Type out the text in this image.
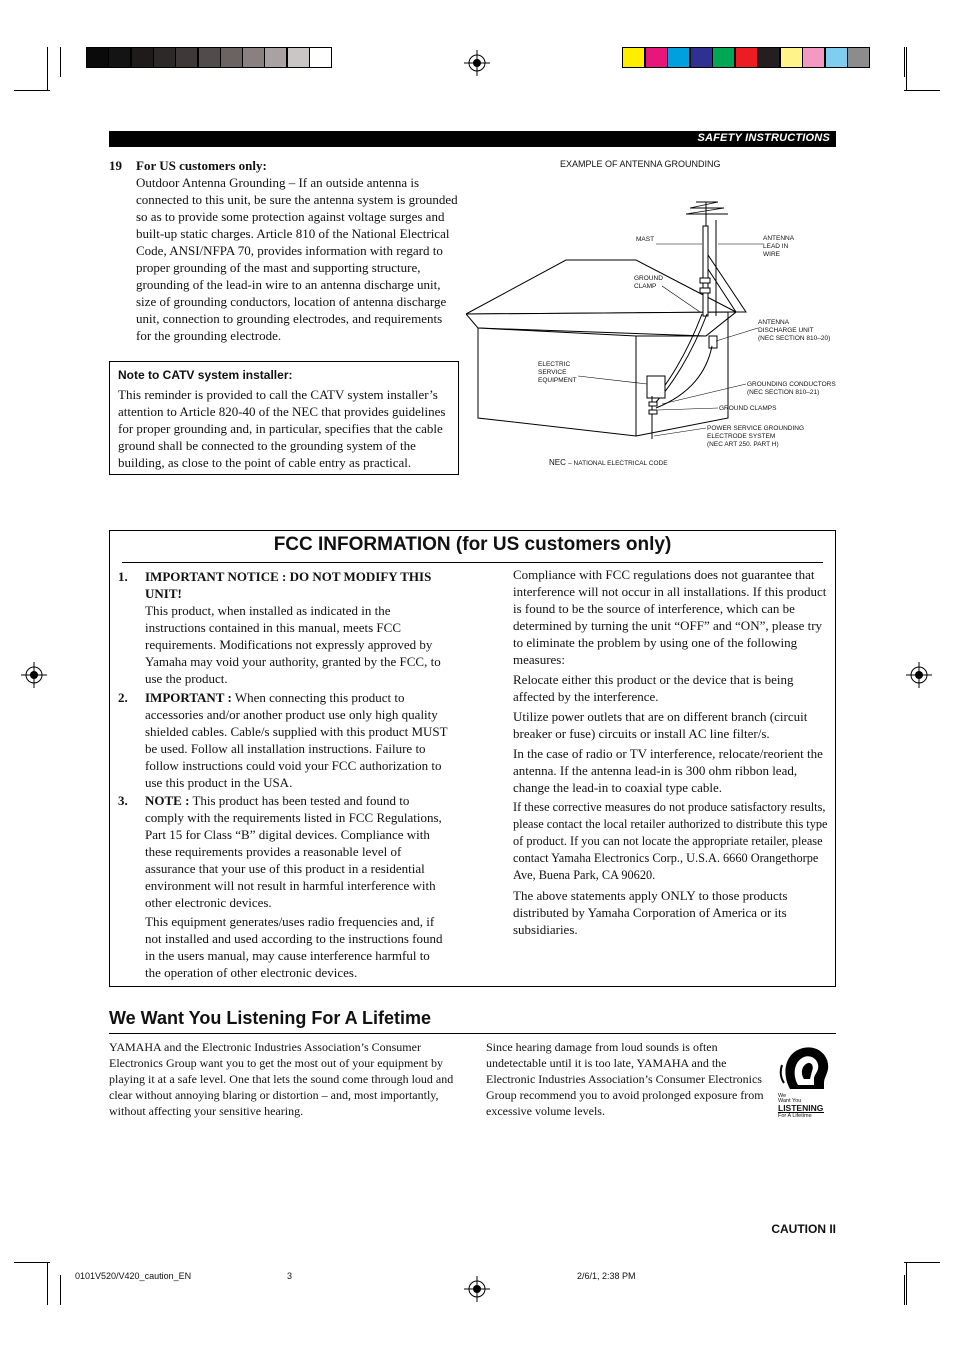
SAFETY INSTRUCTIONS
19 For US customers only:

Outdoor Antenna Grounding – If an outside antenna is connected to this unit, be sure the antenna system is grounded so as to provide some protection against voltage surges and built-up static charges. Article 810 of the National Electrical Code, ANSI/NFPA 70, provides information with regard to proper grounding of the mast and supporting structure, grounding of the lead-in wire to an antenna discharge unit, size of grounding conductors, location of antenna discharge unit, connection to grounding electrodes, and requirements for the grounding electrode.

Note to CATV system installer:
This reminder is provided to call the CATV system installer’s attention to Article 820-40 of the NEC that provides guidelines for proper grounding and, in particular, specifies that the cable ground shall be connected to the grounding system of the building, as close to the point of cable entry as practical.
EXAMPLE OF ANTENNA GROUNDING
MAST	ANTENNA
LEAD IN
WIRE
GROUND
CLAMP
ANTENNA
DISCHARGE UNIT
(NEC SECTION 810–20)
ELECTRIC
SERVICE
EQUIPMENT
GROUNDING CONDUCTORS
(NEC SECTION 810–21)
GROUND CLAMPS
POWER SERVICE GROUNDING
ELECTRODE SYSTEM
(NEC ART 250. PART H)
NEC – NATIONAL ELECTRICAL CODE
FCC INFORMATION (for US customers only)
1. IMPORTANT NOTICE : DO NOT MODIFY THIS UNIT!
This product, when installed as indicated in the instructions contained in this manual, meets FCC requirements. Modifications not expressly approved by Yamaha may void your authority, granted by the FCC, to use the product.
2. IMPORTANT : When connecting this product to accessories and/or another product use only high quality shielded cables. Cable/s supplied with this product MUST be used. Follow all installation instructions. Failure to follow instructions could void your FCC authorization to use this product in the USA.
3. NOTE : This product has been tested and found to comply with the requirements listed in FCC Regulations, Part 15 for Class “B” digital devices. Compliance with these requirements provides a reasonable level of assurance that your use of this product in a residential environment will not result in harmful interference with other electronic devices.
This equipment generates/uses radio frequencies and, if not installed and used according to the instructions found in the users manual, may cause interference harmful to the operation of other electronic devices.

Compliance with FCC regulations does not guarantee that interference will not occur in all installations. If this product is found to be the source of interference, which can be determined by turning the unit “OFF” and “ON”, please try to eliminate the problem by using one of the following measures:

Relocate either this product or the device that is being affected by the interference.

Utilize power outlets that are on different branch (circuit breaker or fuse) circuits or install AC line filter/s.

In the case of radio or TV interference, relocate/reorient the antenna. If the antenna lead-in is 300 ohm ribbon lead, change the lead-in to coaxial type cable.

If these corrective measures do not produce satisfactory results, please contact the local retailer authorized to distribute this type of product. If you can not locate the appropriate retailer, please contact Yamaha Electronics Corp., U.S.A. 6660 Orangethorpe Ave, Buena Park, CA 90620.

The above statements apply ONLY to those products distributed by Yamaha Corporation of America or its subsidiaries.

We Want You Listening For A Lifetime
YAMAHA and the Electronic Industries Association’s Consumer Electronics Group want you to get the most out of your equipment by playing it at a safe level. One that lets the sound come through loud and clear without annoying blaring or distortion – and, most importantly, without affecting your sensitive hearing.
Since hearing damage from loud sounds is often undetectable until it is too late, YAMAHA and the Electronic Industries Association’s Consumer Electronics Group recommend you to avoid prolonged exposure from excessive volume levels.
We
Want You
LISTENING
For A Lifetime
CAUTION II
0101V520/V420_caution_EN	3	2/6/1, 2:38 PM
